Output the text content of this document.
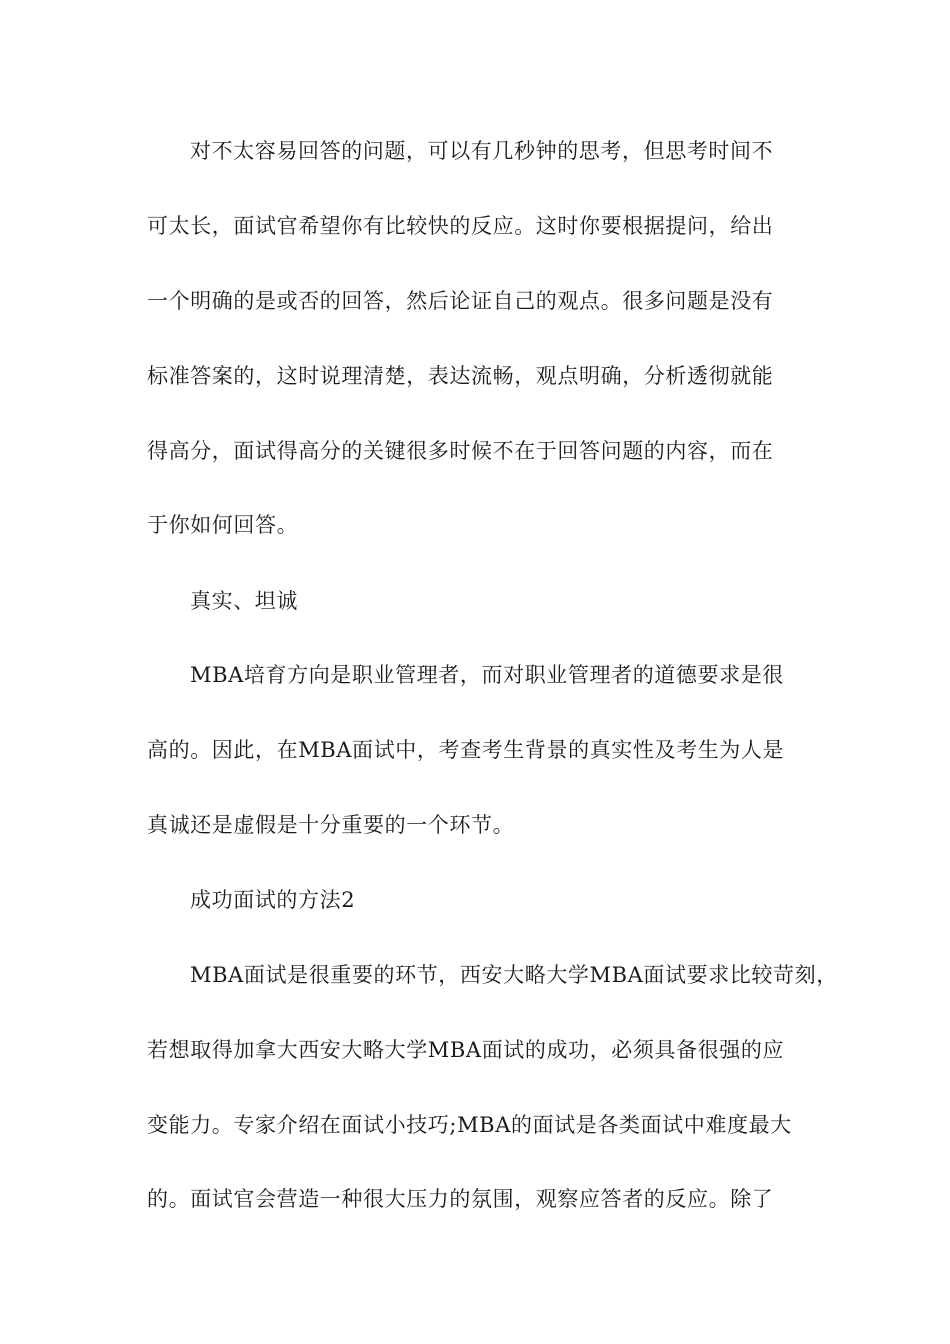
对不太容易回答的问题，可以有几秒钟的思考，但思考时间不
可太长，面试官希望你有比较快的反应。这时你要根据提问，给出
一个明确的是或否的回答，然后论证自己的观点。很多问题是没有
标准答案的，这时说理清楚，表达流畅，观点明确，分析透彻就能
得高分，面试得高分的关键很多时候不在于回答问题的内容，而在
于你如何回答。
真实、坦诚
MBA培育方向是职业管理者，而对职业管理者的道德要求是很
高的。因此，在MBA面试中，考查考生背景的真实性及考生为人是
真诚还是虚假是十分重要的一个环节。
成功面试的方法2
MBA面试是很重要的环节，西安大略大学MBA面试要求比较苛刻，
若想取得加拿大西安大略大学MBA面试的成功，必须具备很强的应
变能力。专家介绍在面试小技巧;MBA的面试是各类面试中难度最大
的。面试官会营造一种很大压力的氛围，观察应答者的反应。除了
